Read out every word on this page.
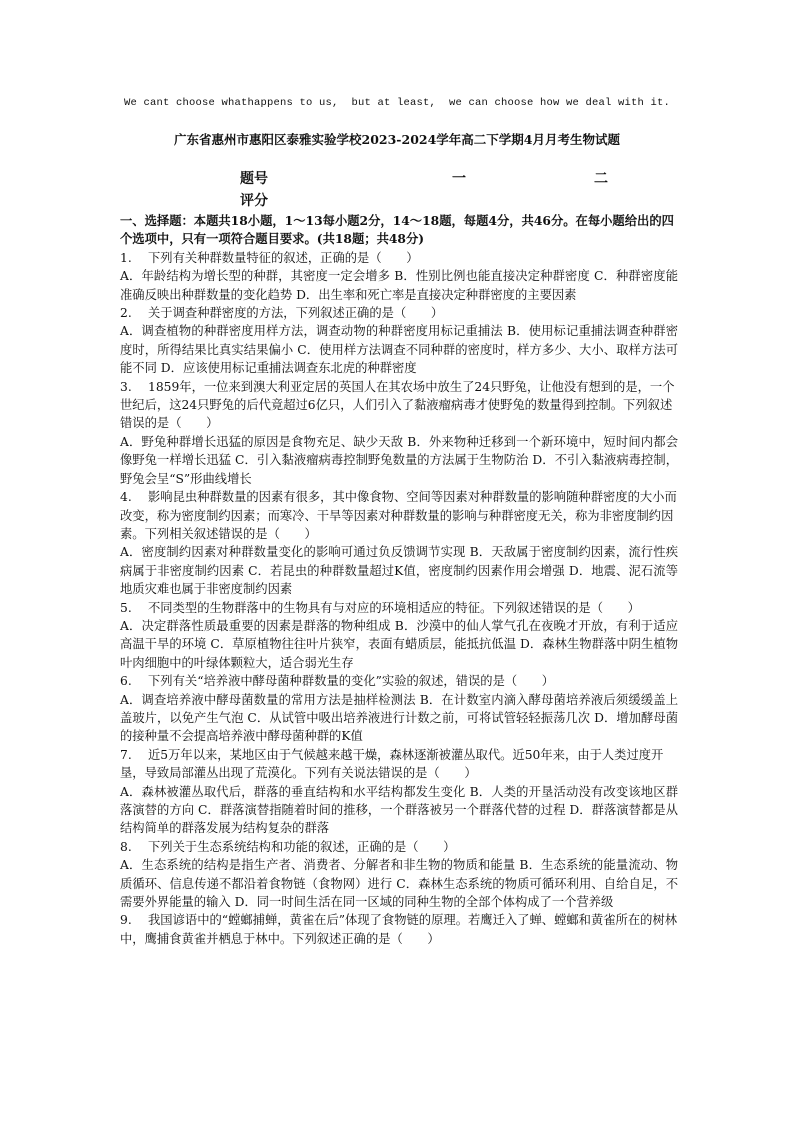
We cant choose whathappens to us,  but at least,  we can choose how we deal with it.
广东省惠州市惠阳区泰雅实验学校2023-2024学年高二下学期4月月考生物试题
题号	一	二
评分
一、选择题：本题共18小题，1～13每小题2分，14～18题，每题4分，共46分。在每小题给出的四个选项中，只有一项符合题目要求。(共18题；共48分)

1. 下列有关种群数量特征的叙述，正确的是（　　）

A．年龄结构为增长型的种群，其密度一定会增多 B．性别比例也能直接决定种群密度 C．种群密度能准确反映出种群数量的变化趋势 D．出生率和死亡率是直接决定种群密度的主要因素

2. 关于调查种群密度的方法，下列叙述正确的是（　　）

A．调查植物的种群密度用样方法，调查动物的种群密度用标记重捕法 B．使用标记重捕法调查种群密度时，所得结果比真实结果偏小 C．使用样方法调查不同种群的密度时，样方多少、大小、取样方法可能不同 D．应该使用标记重捕法调查东北虎的种群密度

3. 1859年，一位来到澳大利亚定居的英国人在其农场中放生了24只野兔，让他没有想到的是，一个世纪后，这24只野兔的后代竟超过6亿只，人们引入了黏液瘤病毒才使野兔的数量得到控制。下列叙述错误的是（　　）

A．野兔种群增长迅猛的原因是食物充足、缺少天敌 B．外来物种迁移到一个新环境中，短时间内都会像野兔一样增长迅猛 C．引入黏液瘤病毒控制野兔数量的方法属于生物防治 D．不引入黏液病毒控制，野兔会呈“S”形曲线增长

4. 影响昆虫种群数量的因素有很多，其中像食物、空间等因素对种群数量的影响随种群密度的大小而改变，称为密度制约因素；而寒冷、干旱等因素对种群数量的影响与种群密度无关，称为非密度制约因素。下列相关叙述错误的是（　　）

A．密度制约因素对种群数量变化的影响可通过负反馈调节实现 B．天敌属于密度制约因素，流行性疾病属于非密度制约因素 C．若昆虫的种群数量超过K值，密度制约因素作用会增强 D．地震、泥石流等地质灾难也属于非密度制约因素

5. 不同类型的生物群落中的生物具有与对应的环境相适应的特征。下列叙述错误的是（　　）

A．决定群落性质最重要的因素是群落的物种组成 B．沙漠中的仙人掌气孔在夜晚才开放，有利于适应高温干旱的环境 C．草原植物往往叶片狭窄，表面有蜡质层，能抵抗低温 D．森林生物群落中阴生植物叶肉细胞中的叶绿体颗粒大，适合弱光生存

6. 下列有关“培养液中酵母菌种群数量的变化”实验的叙述，错误的是（　　）

A．调查培养液中酵母菌数量的常用方法是抽样检测法 B．在计数室内滴入酵母菌培养液后须缓缓盖上盖玻片，以免产生气泡 C．从试管中吸出培养液进行计数之前，可将试管轻轻振荡几次 D．增加酵母菌的接种量不会提高培养液中酵母菌种群的K值

7. 近5万年以来，某地区由于气候越来越干燥，森林逐渐被灌丛取代。近50年来，由于人类过度开垦，导致局部灌丛出现了荒漠化。下列有关说法错误的是（　　）

A．森林被灌丛取代后，群落的垂直结构和水平结构都发生变化 B．人类的开垦活动没有改变该地区群落演替的方向 C．群落演替指随着时间的推移，一个群落被另一个群落代替的过程 D．群落演替都是从结构简单的群落发展为结构复杂的群落

8. 下列关于生态系统结构和功能的叙述，正确的是（　　）

A．生态系统的结构是指生产者、消费者、分解者和非生物的物质和能量 B．生态系统的能量流动、物质循环、信息传递不都沿着食物链（食物网）进行 C．森林生态系统的物质可循环利用、自给自足，不需要外界能量的输入 D．同一时间生活在同一区域的同种生物的全部个体构成了一个营养级

9. 我国谚语中的“螳螂捕蝉，黄雀在后”体现了食物链的原理。若鹰迁入了蝉、螳螂和黄雀所在的树林中，鹰捕食黄雀并栖息于林中。下列叙述正确的是（　　）
